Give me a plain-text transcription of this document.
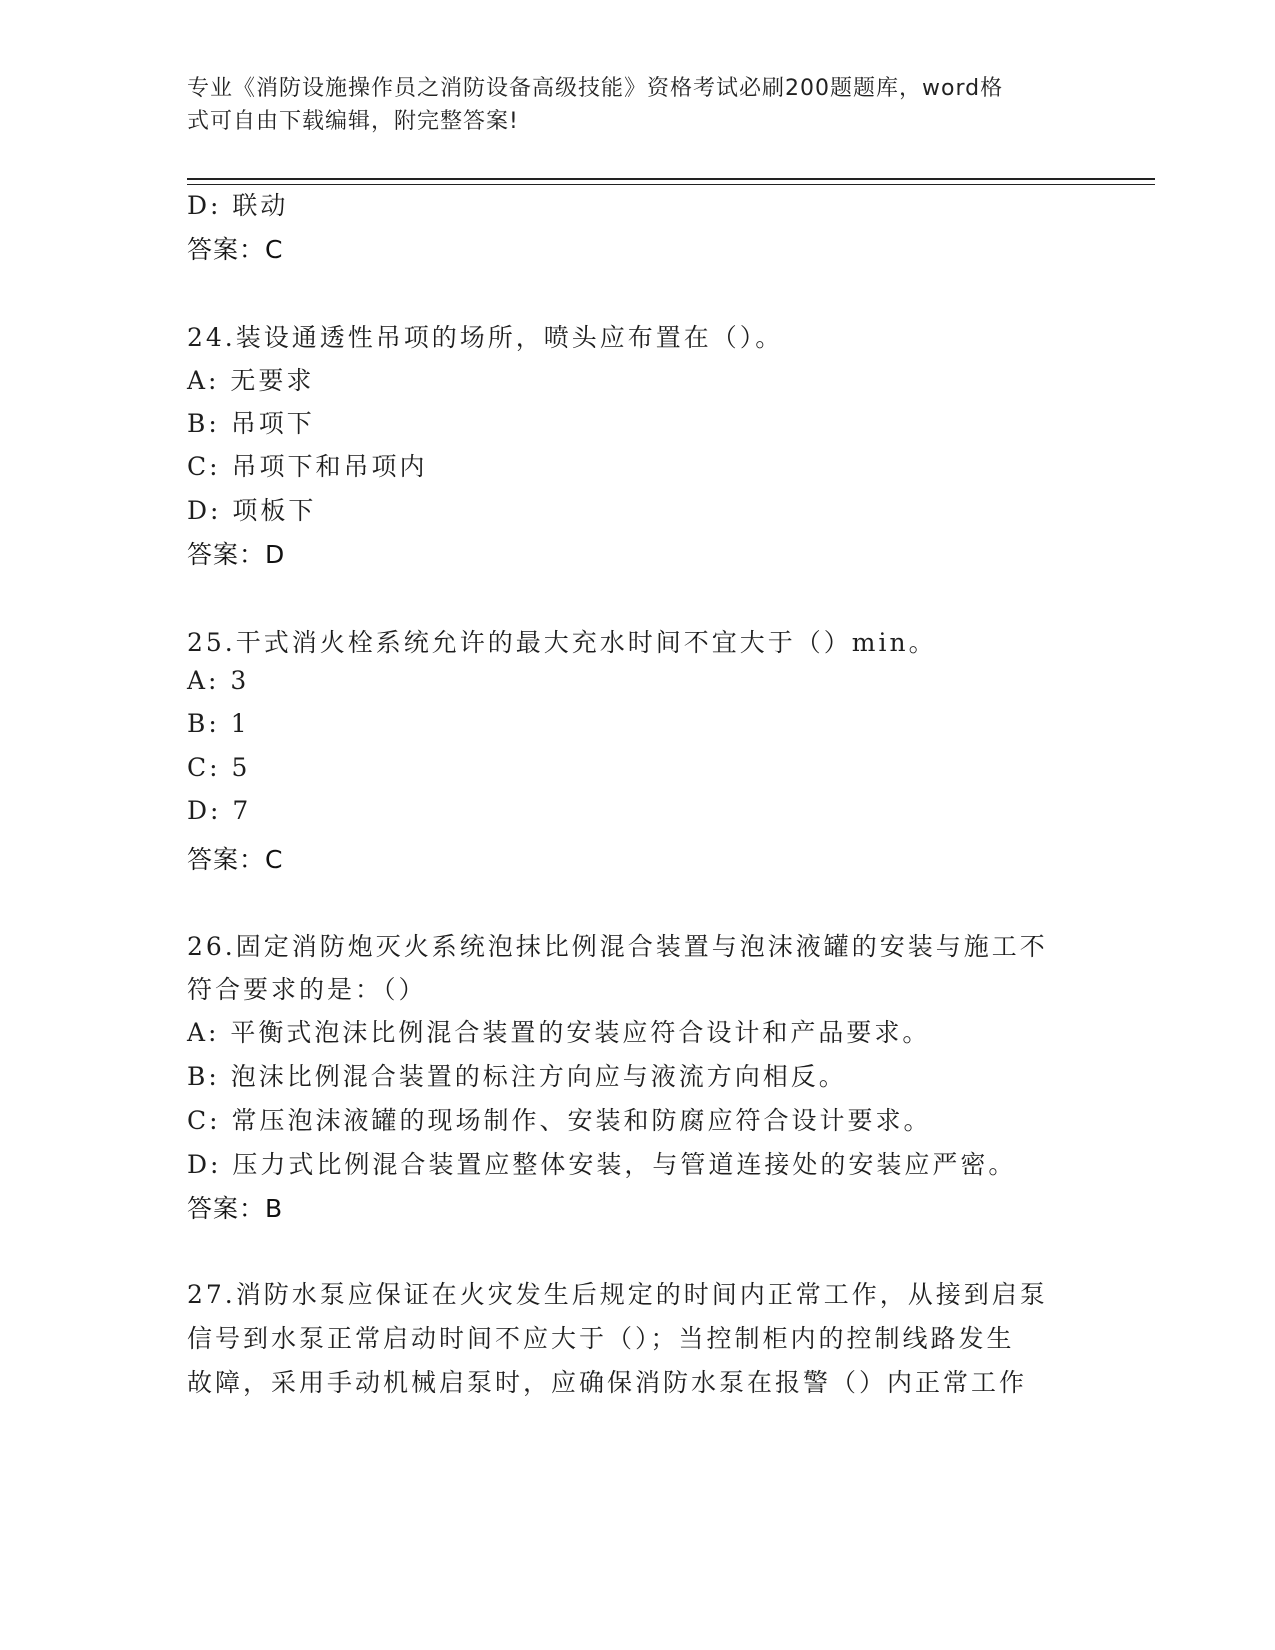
专业《消防设施操作员之消防设备高级技能》资格考试必刷200题题库，word格
式可自由下载编辑，附完整答案!
D: 联动
答案：C
24.装设通透性吊项的场所，喷头应布置在（）。
A: 无要求
B: 吊项下
C: 吊项下和吊项内
D: 项板下
答案：D
25.干式消火栓系统允许的最大充水时间不宜大于（）min。
A: 3
B: 1
C: 5
D: 7
答案：C
26.固定消防炮灭火系统泡抹比例混合装置与泡沫液罐的安装与施工不
符合要求的是：（）
A: 平衡式泡沫比例混合装置的安装应符合设计和产品要求。
B: 泡沫比例混合装置的标注方向应与液流方向相反。
C: 常压泡沫液罐的现场制作、安装和防腐应符合设计要求。
D: 压力式比例混合装置应整体安装，与管道连接处的安装应严密。
答案：B
27.消防水泵应保证在火灾发生后规定的时间内正常工作，从接到启泵
信号到水泵正常启动时间不应大于（）；当控制柜内的控制线路发生
故障，采用手动机械启泵时，应确保消防水泵在报警（）内正常工作
